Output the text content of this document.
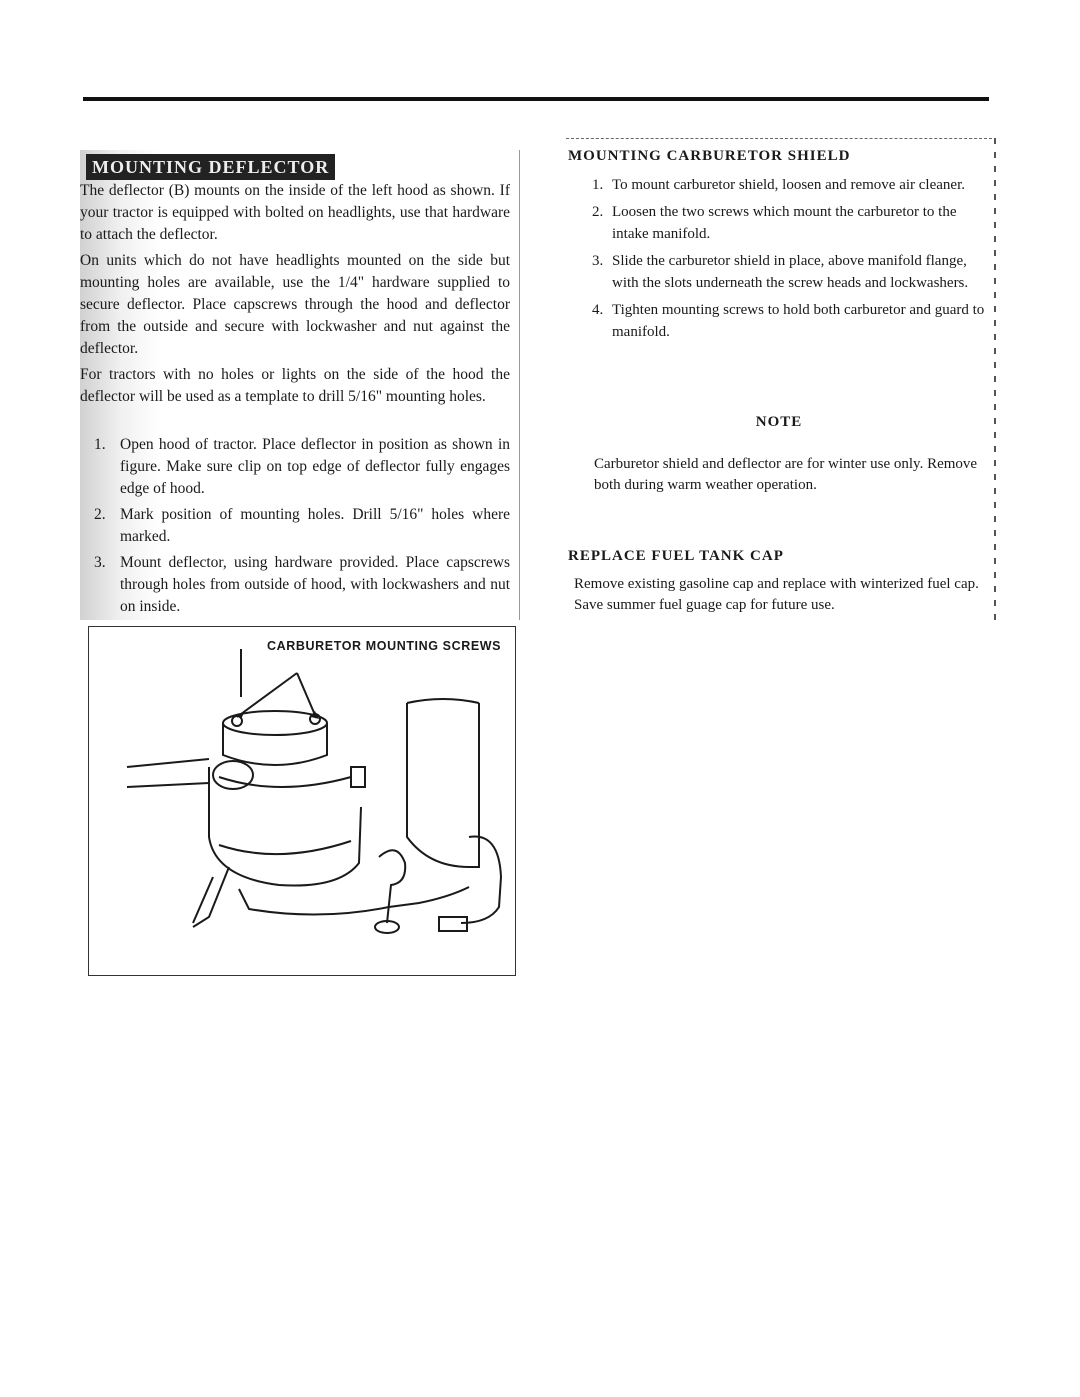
MOUNTING DEFLECTOR

The deflector (B) mounts on the inside of the left hood as shown. If your tractor is equipped with bolted on headlights, use that hardware to attach the deflector.

On units which do not have headlights mounted on the side but mounting holes are available, use the 1/4" hardware supplied to secure deflector. Place capscrews through the hood and deflector from the outside and secure with lockwasher and nut against the deflector.

For tractors with no holes or lights on the side of the hood the deflector will be used as a template to drill 5/16" mounting holes.

1. Open hood of tractor. Place deflector in position as shown in figure. Make sure clip on top edge of deflector fully engages edge of hood.
2. Mark position of mounting holes. Drill 5/16" holes where marked.
3. Mount deflector, using hardware provided. Place capscrews through holes from outside of hood, with lockwashers and nut on inside.
CARBURETOR MOUNTING SCREWS
MOUNTING CARBURETOR SHIELD
1. To mount carburetor shield, loosen and remove air cleaner.
2. Loosen the two screws which mount the carburetor to the intake manifold.
3. Slide the carburetor shield in place, above manifold flange, with the slots underneath the screw heads and lockwashers.
4. Tighten mounting screws to hold both carburetor and guard to manifold.
NOTE

Carburetor shield and deflector are for winter use only. Remove both during warm weather operation.

REPLACE FUEL TANK CAP

Remove existing gasoline cap and replace with winterized fuel cap. Save summer fuel guage cap for future use.
